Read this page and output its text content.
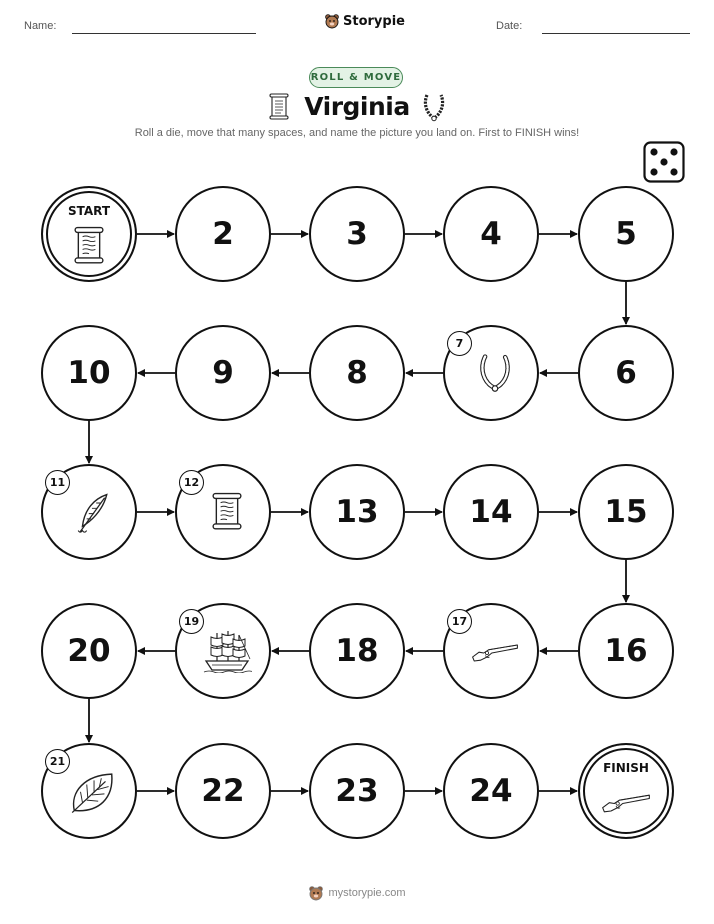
Name:	Storypie	Date:
ROLL & MOVE
Virginia
Roll a die, move that many spaces, and name the picture you land on. First to FINISH wins!
START
2	3	4	5
6
7
8
9
10
11	12
13	14	15
16
17
18
19
20
21
22	23	24
FINISH
mystorypie.com
